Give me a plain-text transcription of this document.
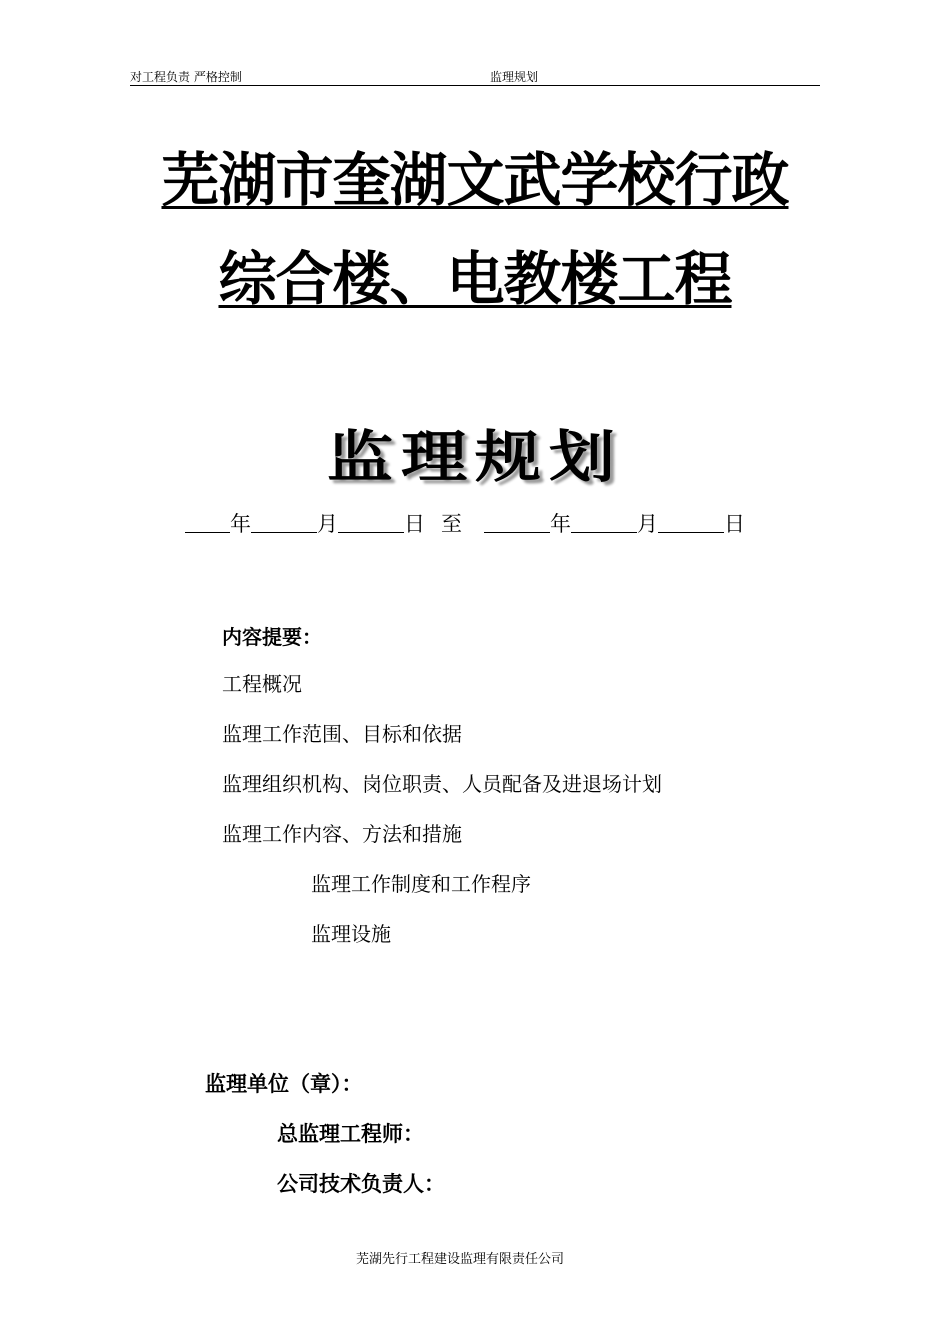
对工程负责 严格控制	监理规划
芜湖市奎湖文武学校行政
综合楼、电教楼工程
监理规划
年	月	日 至	年	月	日
内容提要：
工程概况
监理工作范围、目标和依据
监理组织机构、岗位职责、人员配备及进退场计划
监理工作内容、方法和措施
监理工作制度和工作程序
监理设施
监理单位（章）：
总监理工程师：
公司技术负责人：
芜湖先行工程建设监理有限责任公司
